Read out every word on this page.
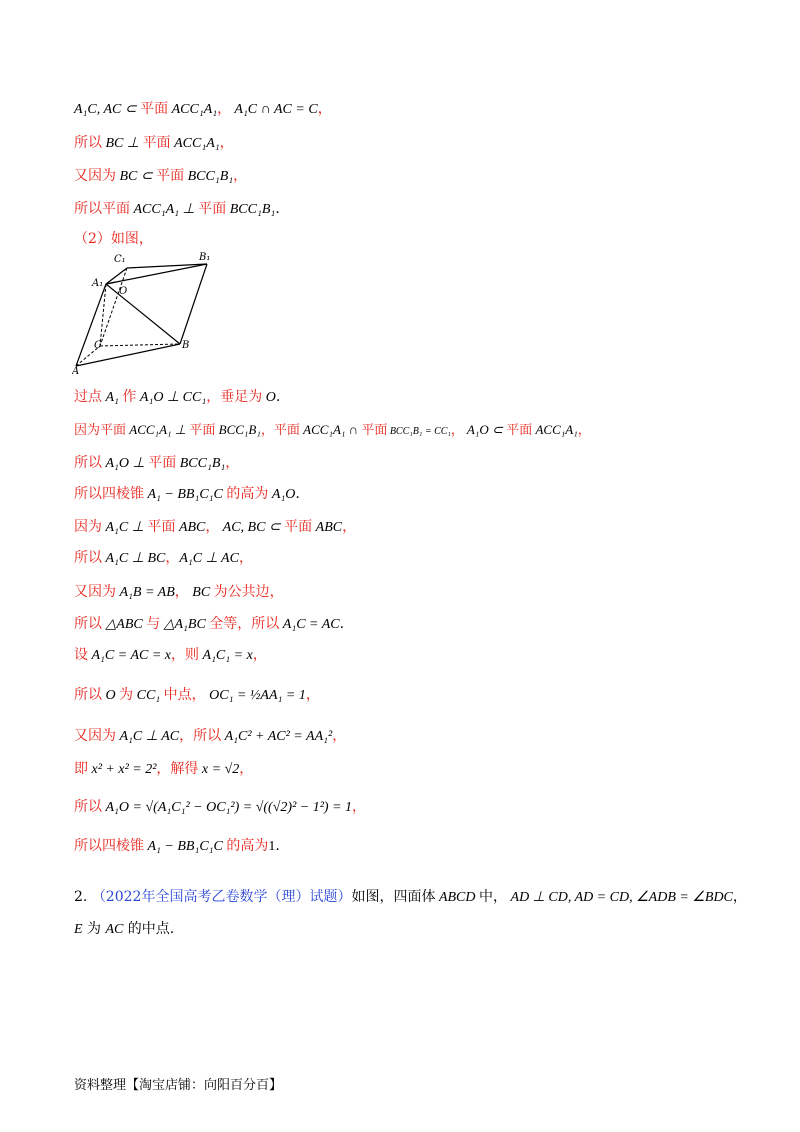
A₁C, AC ⊂ 平面 ACC₁A₁， A₁C ∩ AC = C，
所以 BC ⊥ 平面 ACC₁A₁，
又因为 BC ⊂ 平面 BCC₁B₁，
所以平面 ACC₁A₁ ⊥ 平面 BCC₁B₁.
（2）如图，
C₁	B₁
A₁
O
C	B
A
过点 A₁ 作 A₁O ⊥ CC₁，垂足为 O.
因为平面 ACC₁A₁ ⊥ 平面 BCC₁B₁，平面 ACC₁A₁ ∩ 平面 BCC₁B₁ = CC₁， A₁O ⊂ 平面 ACC₁A₁，
所以 A₁O ⊥ 平面 BCC₁B₁，
所以四棱锥 A₁ − BB₁C₁C 的高为 A₁O.
因为 A₁C ⊥ 平面 ABC， AC, BC ⊂ 平面 ABC，
所以 A₁C ⊥ BC，A₁C ⊥ AC，
又因为 A₁B = AB， BC 为公共边，
所以 △ABC 与 △A₁BC 全等，所以 A₁C = AC.
设 A₁C = AC = x，则 A₁C₁ = x，
所以 O 为 CC₁ 中点， OC₁ = ½AA₁ = 1，
又因为 A₁C ⊥ AC，所以 A₁C² + AC² = AA₁²，
即 x² + x² = 2²，解得 x = √2，
所以 A₁O = √(A₁C₁² − OC₁²) = √((√2)² − 1²) = 1，
所以四棱锥 A₁ − BB₁C₁C 的高为1.
2. （2022年全国高考乙卷数学（理）试题）如图，四面体 ABCD 中， AD ⊥ CD, AD = CD, ∠ADB = ∠BDC，
E 为 AC 的中点.
资料整理【淘宝店铺：向阳百分百】
